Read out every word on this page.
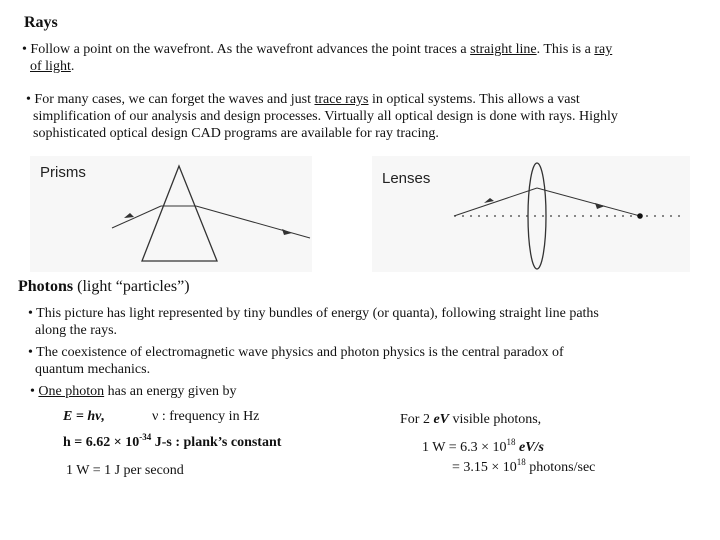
Rays
• Follow a point on the wavefront. As the wavefront advances the point traces a straight line. This is a ray
of light.
• For many cases, we can forget the waves and just trace rays in optical systems. This allows a vast
simplification of our analysis and design processes. Virtually all optical design is done with rays. Highly
sophisticated optical design CAD programs are available for ray tracing.
Prisms	Lenses
Photons (light “particles”)
• This picture has light represented by tiny bundles of energy (or quanta), following straight line paths
along the rays.
• The coexistence of electromagnetic wave physics and photon physics is the central paradox of
quantum mechanics.
• One photon has an energy given by
E = hν,	ν : frequency in Hz
$h = 6.62 \times 10^{-34}$ J-s : plank’s constant
1 W = 1 J per second
For 2 eV visible photons,
1 $W = 6.3 \times 10^{18}$ eV/s
= $3.15 \times 10^{18}$ photons/sec
